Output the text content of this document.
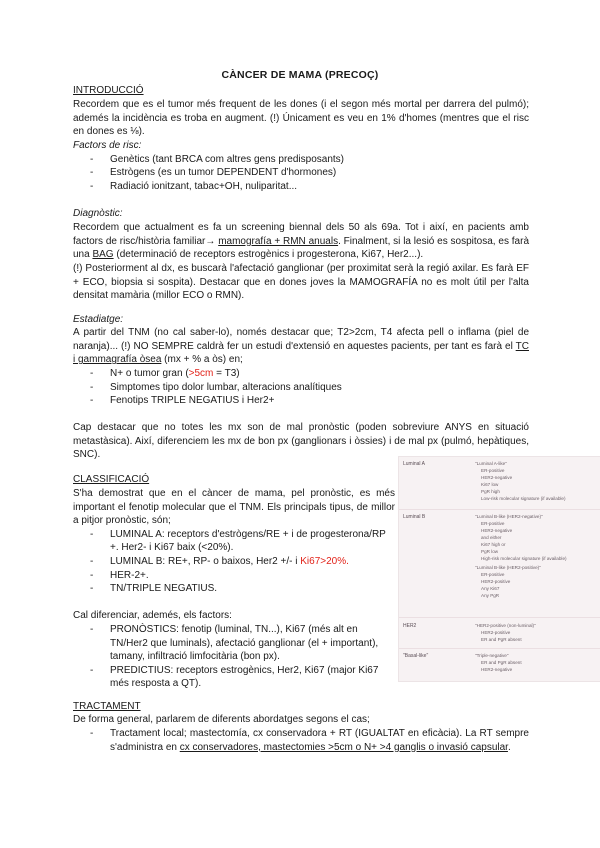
CÀNCER DE MAMA (PRECOÇ)
INTRODUCCIÓ

Recordem que es el tumor més frequent de les dones (i el segon més mortal per darrera del pulmó); ademés la incidència es troba en augment. (!) Únicament es veu en 1% d'homes (mentres que el risc en dones es ⅛).

Factors de risc:
- Genètics (tant BRCA com altres gens predisposants)
- Estrògens (es un tumor DEPENDENT d'hormones)
- Radiació ionitzant, tabac+OH, nuliparitat...
Diagnòstic:

Recordem que actualment es fa un screening biennal dels 50 als 69a. Tot i així, en pacients amb factors de risc/història familiar→ mamografía + RMN anuals. Finalment, si la lesió es sospitosa, es farà una BAG (determinació de receptors estrogènics i progesterona, Ki67, Her2...).

(!) Posteriorment al dx, es buscarà l'afectació ganglionar (per proximitat serà la regió axilar. Es farà EF + ECO, biopsia si sospita). Destacar que en dones joves la MAMOGRAFÍA no es molt útil per l'alta densitat mamària (millor ECO o RMN).

Estadiatge:

A partir del TNM (no cal saber-lo), només destacar que; T2>2cm, T4 afecta pell o inflama (piel de naranja)... (!) NO SEMPRE caldrà fer un estudi d'extensió en aquestes pacients, per tant es farà el TC i gammagrafía òsea (mx + % a òs) en;

- N+ o tumor gran (>5cm = T3)
- Simptomes tipo dolor lumbar, alteracions analítiques
- Fenotips TRIPLE NEGATIUS i Her2+

Cap destacar que no totes les mx son de mal pronòstic (poden sobreviure ANYS en situació metastàsica). Així, diferenciem les mx de bon px (ganglionars i òssies) i de mal px (pulmó, hepàtiques, SNC).

CLASSIFICACIÓ

S'ha demostrat que en el càncer de mama, pel pronòstic, es més important el fenotip molecular que el TNM. Els principals tipus, de millor a pitjor pronòstic, són;

- LUMINAL A: receptors d'estrògens/RE + i de progesterona/RP
+. Her2- i Ki67 baix (<20%).
- LUMINAL B: RE+, RP- o baixos, Her2 +/- i Ki67>20%.
- HER-2+.
- TN/TRIPLE NEGATIUS.

Cal diferenciar, ademés, els factors:

- PRONÒSTICS: fenotip (luminal, TN...), Ki67 (més alt en
TN/Her2 que luminals), afectació ganglionar (el + important),
tamany, infiltració limfocitària (bon px).
- PREDICTIUS: receptors estrogènics, Her2, Ki67 (major Ki67
més resposta a QT).
TRACTAMENT

De forma general, parlarem de diferents abordatges segons el cas;

-	Tractament local; mastectomía, cx conservadora + RT (IGUALTAT en eficàcia). La RT sempre s'administra en cx conservadores, mastectomies >5cm o N+ >4 ganglis o invasió capsular.

Luminal A	"Luminal A-like"
ER-positive
HER2-negative
Ki67 low
PgR high
Low-risk molecular signature (if available)
Luminal B	"Luminal B-like (HER2-negative)"
ER-positive
HER2-negative
and either
Ki67 high or
PgR low
High-risk molecular signature (if available)
"Luminal B-like (HER2-positive)"
ER-positive
HER2-positive
Any Ki67
Any PgR
HER2	"HER2-positive (non-luminal)"
HER2-positive
ER and PgR absent
"Basal-like"	"Triple-negative"
ER and PgR absent
HER2-negative
